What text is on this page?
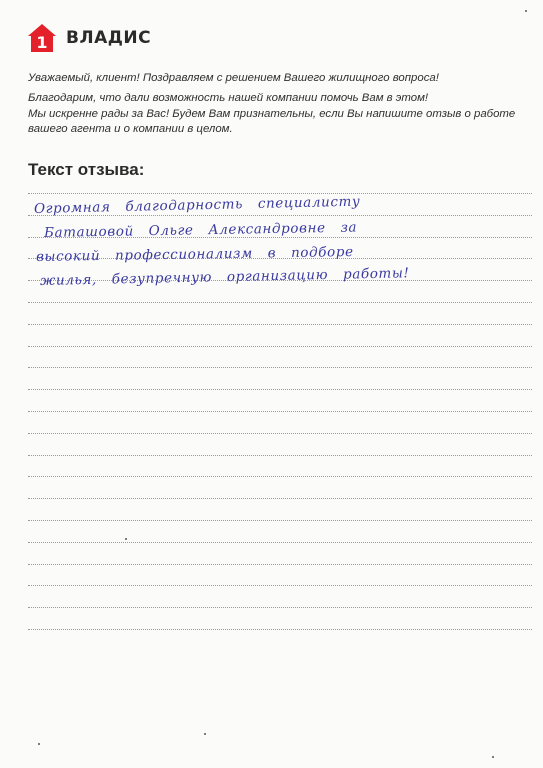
1 ВЛАДИС

Уважаемый, клиент! Поздравляем с решением Вашего жилищного вопроса!

Благодарим, что дали возможность нашей компании помочь Вам в этом!

Мы искренне рады за Вас! Будем Вам признательны, если Вы напишите отзыв о работе

вашего агента и о компании в целом.

Текст отзыва:
Огромная благодарность специалисту
Баташовой Ольге Александровне за
высокий профессионализм в подборе
жилья, безупречную организацию работы!
